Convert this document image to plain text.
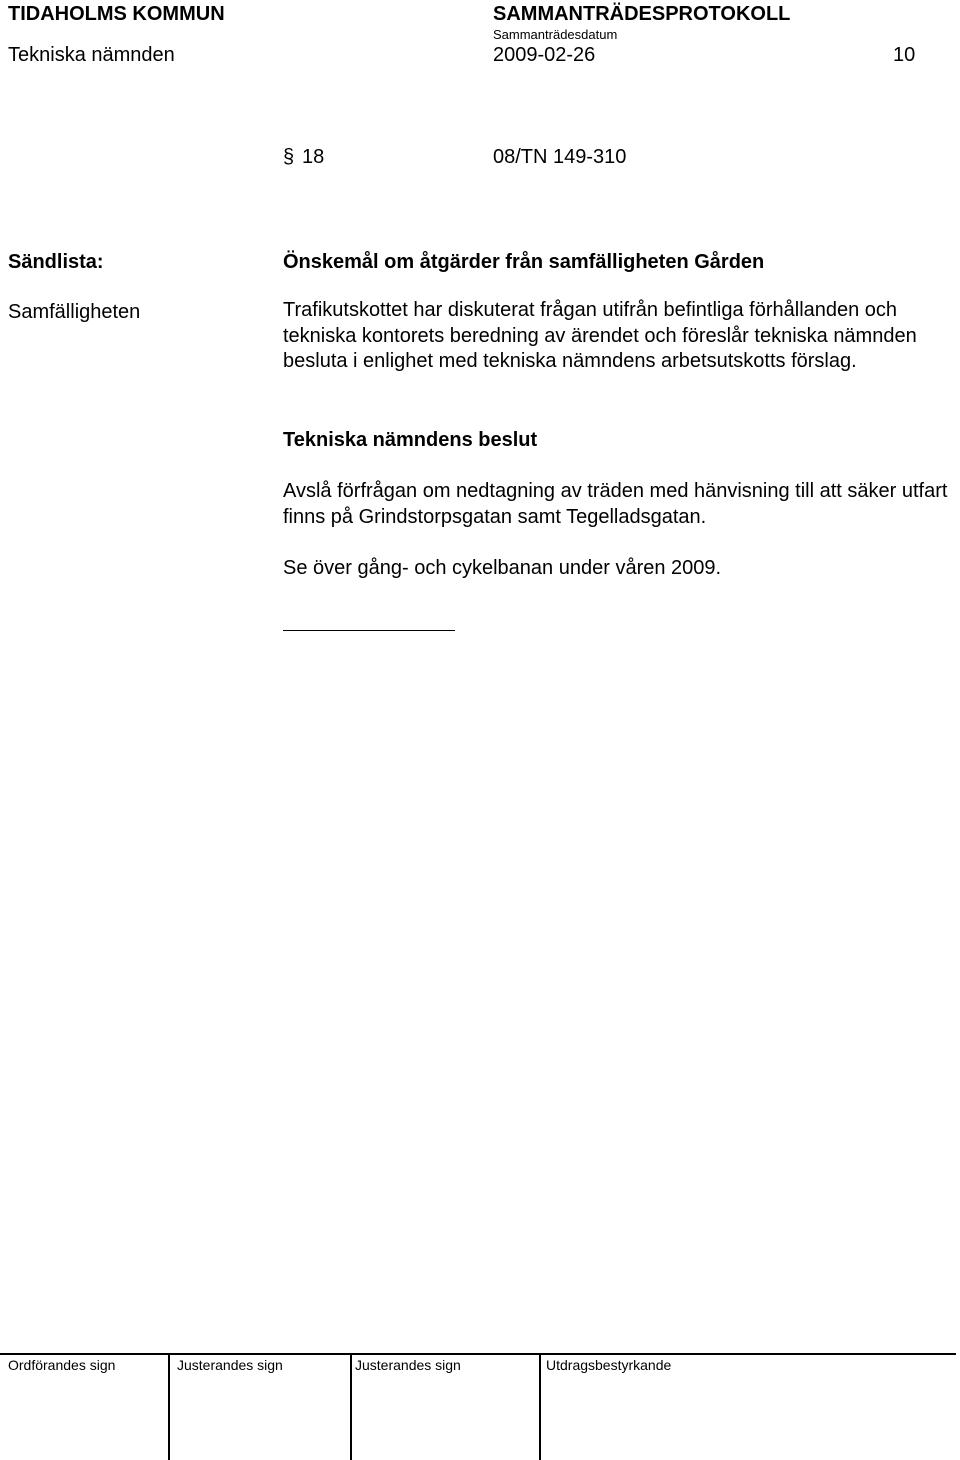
TIDAHOLMS KOMMUN	SAMMANTRÄDESPROTOKOLL
Sammanträdesdatum
Tekniska nämnden	2009-02-26	10
§ 18	08/TN 149-310
Sändlista:
Samfälligheten
Önskemål om åtgärder från samfälligheten Gården
Trafikutskottet har diskuterat frågan utifrån befintliga förhållanden och tekniska kontorets beredning av ärendet och föreslår tekniska nämnden besluta i enlighet med tekniska nämndens arbetsutskotts förslag.
Tekniska nämndens beslut
Avslå förfrågan om nedtagning av träden med hänvisning till att säker utfart finns på Grindstorpsgatan samt Tegelladsgatan.
Se över gång- och cykelbanan under våren 2009.
Ordförandes sign	Justerandes sign	Justerandes sign	Utdragsbestyrkande
